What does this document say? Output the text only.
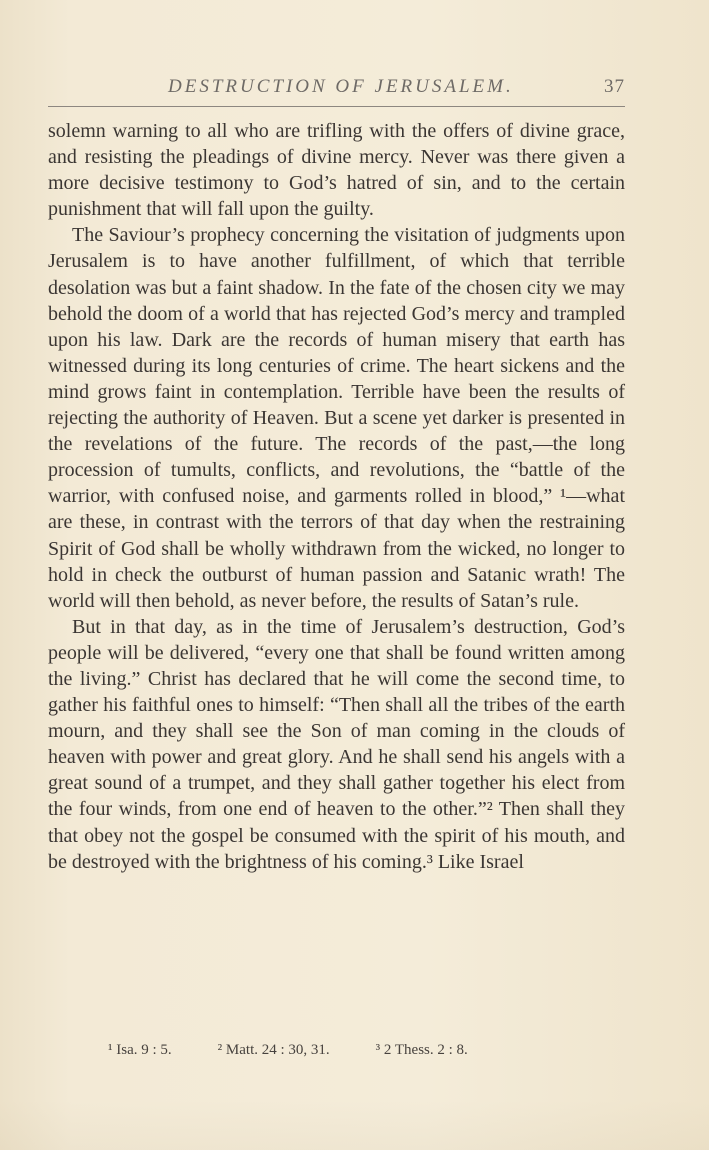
DESTRUCTION OF JERUSALEM.	37

solemn warning to all who are trifling with the offers of divine grace, and resisting the pleadings of divine mercy. Never was there given a more decisive testimony to God’s hatred of sin, and to the certain punishment that will fall upon the guilty.

The Saviour’s prophecy concerning the visitation of judgments upon Jerusalem is to have another fulfillment, of which that terrible desolation was but a faint shadow. In the fate of the chosen city we may behold the doom of a world that has rejected God’s mercy and trampled upon his law. Dark are the records of human misery that earth has witnessed during its long centuries of crime. The heart sickens and the mind grows faint in contemplation. Terrible have been the results of rejecting the authority of Heaven. But a scene yet darker is presented in the revelations of the future. The records of the past,—the long procession of tumults, conflicts, and revolutions, the “battle of the warrior, with confused noise, and garments rolled in blood,” ¹—what are these, in contrast with the terrors of that day when the restraining Spirit of God shall be wholly withdrawn from the wicked, no longer to hold in check the outburst of human passion and Satanic wrath! The world will then behold, as never before, the results of Satan’s rule.

But in that day, as in the time of Jerusalem’s destruction, God’s people will be delivered, “every one that shall be found written among the living.” Christ has declared that he will come the second time, to gather his faithful ones to himself: “Then shall all the tribes of the earth mourn, and they shall see the Son of man coming in the clouds of heaven with power and great glory. And he shall send his angels with a great sound of a trumpet, and they shall gather together his elect from the four winds, from one end of heaven to the other.”² Then shall they that obey not the gospel be consumed with the spirit of his mouth, and be destroyed with the brightness of his coming.³ Like Israel

¹ Isa. 9 : 5.	² Matt. 24 : 30, 31.	³ 2 Thess. 2 : 8.
